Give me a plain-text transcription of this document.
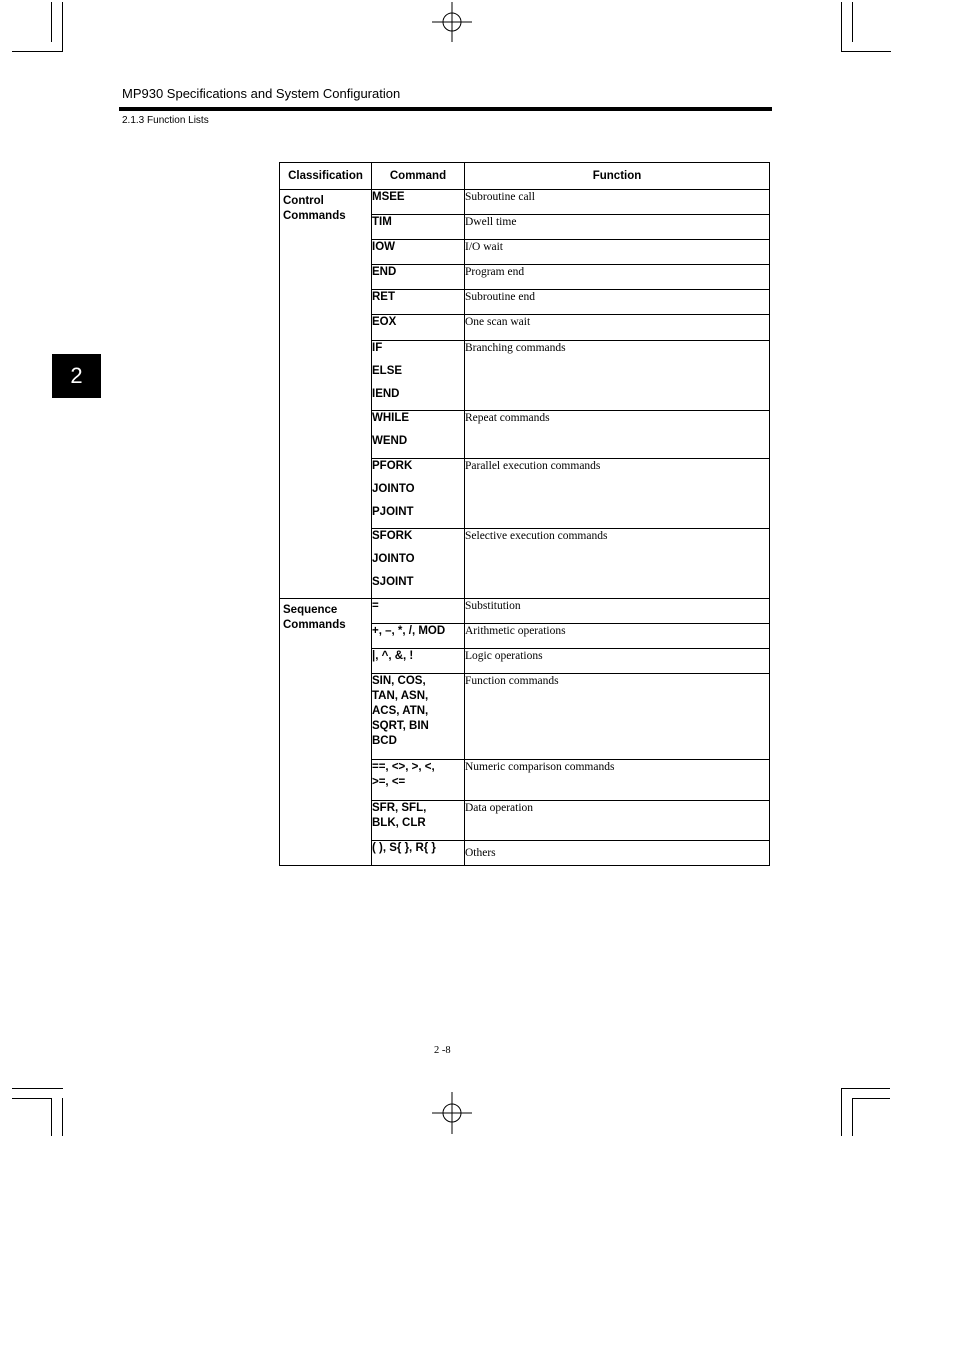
MP930 Specifications and System Configuration
2.1.3 Function Lists
2
Classification	Command	Function

Control Commands	MSEE	Subroutine call

	TIM	Dwell time

	IOW	I/O wait

	END	Program end

	RET	Subroutine end

	EOX	One scan wait

	IF
ELSE
IEND	Branching commands

	WHILE
WEND	Repeat commands

	PFORK
JOINTO
PJOINT	Parallel execution commands

	SFORK
JOINTO
SJOINT	Selective execution commands

Sequence Commands	=	Substitution

	+, –, *, /, MOD	Arithmetic operations

	|, ^, &, !	Logic operations

	SIN, COS,
TAN, ASN,
ACS, ATN,
SQRT, BIN
BCD	Function commands

	==, <>, >, <,
>=, <=	Numeric comparison commands

	SFR, SFL,
BLK, CLR	Data operation

	( ), S{ }, R{ }	Others
2 -8
